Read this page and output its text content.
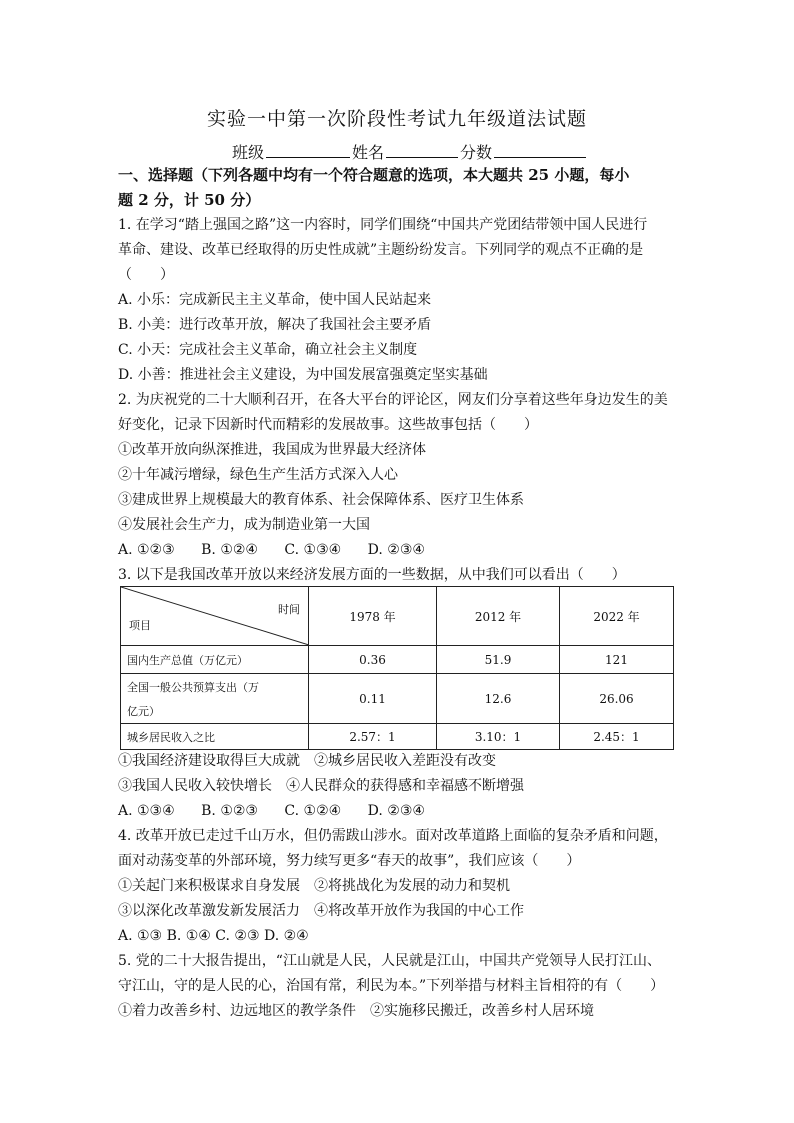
实验一中第一次阶段性考试九年级道法试题
班级	姓名	分数
一、选择题（下列各题中均有一个符合题意的选项，本大题共 25 小题，每小
题 2 分，计 50 分）
1. 在学习“踏上强国之路”这一内容时，同学们围绕“中国共产党团结带领中国人民进行
革命、建设、改革已经取得的历史性成就”主题纷纷发言。下列同学的观点不正确的是
（　　）
A. 小乐：完成新民主主义革命，使中国人民站起来
B. 小美：进行改革开放，解决了我国社会主要矛盾
C. 小天：完成社会主义革命，确立社会主义制度
D. 小善：推进社会主义建设，为中国发展富强奠定坚实基础
2. 为庆祝党的二十大顺利召开，在各大平台的评论区，网友们分享着这些年身边发生的美
好变化，记录下因新时代而精彩的发展故事。这些故事包括（　　）
①改革开放向纵深推进，我国成为世界最大经济体
②十年减污增绿，绿色生产生活方式深入人心
③建成世界上规模最大的教育体系、社会保障体系、医疗卫生体系
④发展社会生产力，成为制造业第一大国
A. ①②③ B. ①②④ C. ①③④ D. ②③④
3. 以下是我国改革开放以来经济发展方面的一些数据，从中我们可以看出（　　）
时间
项目	1978 年	2012 年	2022 年
国内生产总值（万亿元）	0.36	51.9	121

全国一般公共预算支出（万
亿元）	0.11	12.6	26.06
城乡居民收入之比	2.57：1	3.10：1	2.45：1
①我国经济建设取得巨大成就　②城乡居民收入差距没有改变
③我国人民收入较快增长　④人民群众的获得感和幸福感不断增强
A. ①③④ B. ①②③ C. ①②④ D. ②③④
4. 改革开放已走过千山万水，但仍需跋山涉水。面对改革道路上面临的复杂矛盾和问题，
面对动荡变革的外部环境，努力续写更多“春天的故事”，我们应该（　　）
①关起门来积极谋求自身发展　②将挑战化为发展的动力和契机
③以深化改革激发新发展活力　④将改革开放作为我国的中心工作
A. ①③ B. ①④ C. ②③ D. ②④
5. 党的二十大报告提出，“江山就是人民，人民就是江山，中国共产党领导人民打江山、
守江山，守的是人民的心，治国有常，利民为本。”下列举措与材料主旨相符的有（　　）
①着力改善乡村、边远地区的教学条件　②实施移民搬迁，改善乡村人居环境
